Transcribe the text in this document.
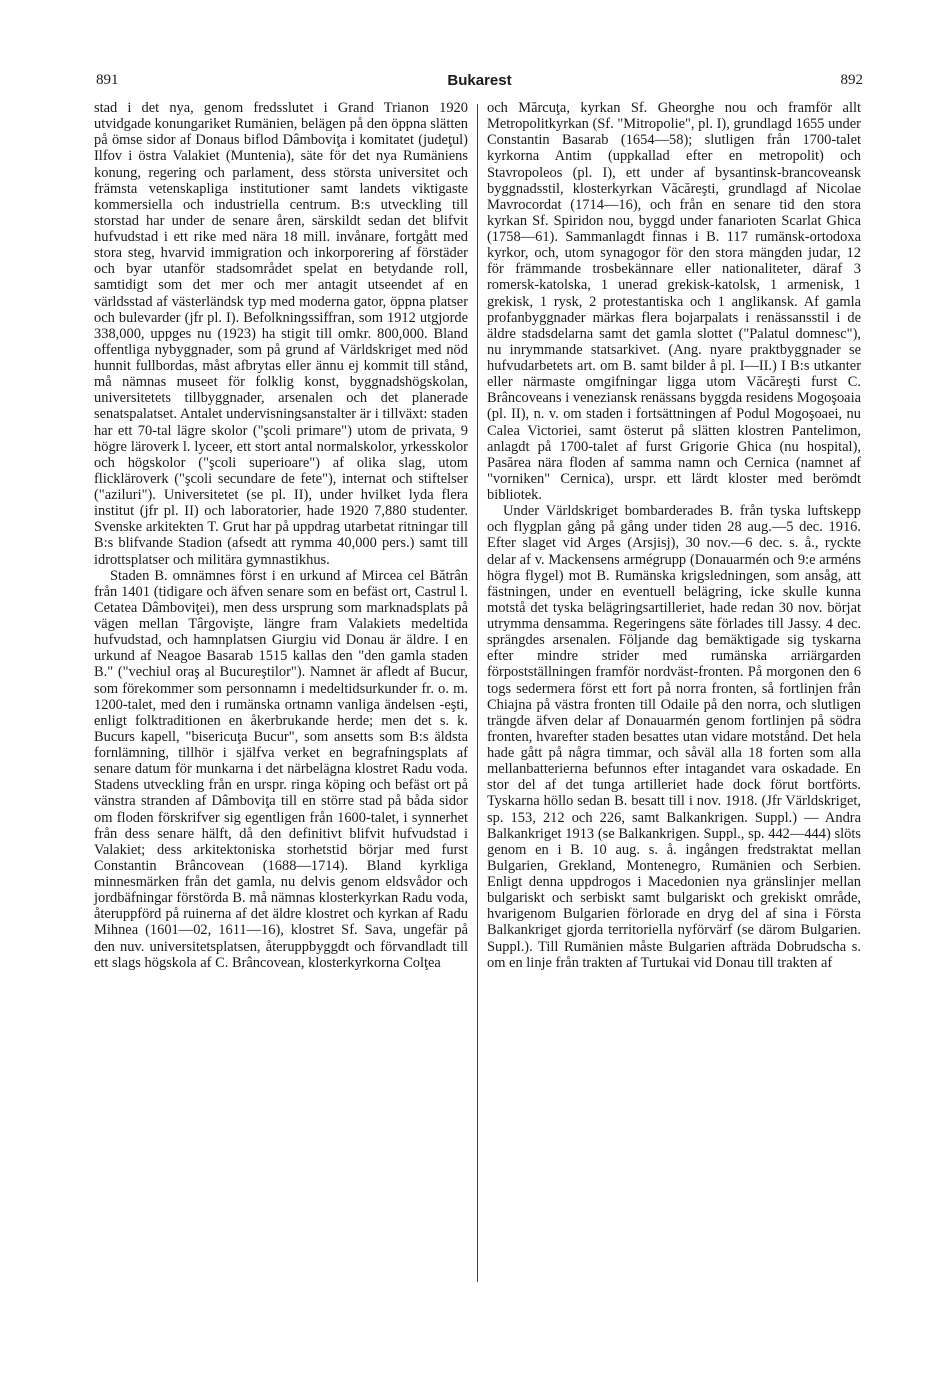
891	Bukarest	892

stad i det nya, genom fredsslutet i Grand Trianon 1920 utvidgade konungariket Rumänien, belägen på den öppna slätten på ömse sidor af Donaus biflod Dâmboviţa i komitatet (judeţul) Ilfov i östra Valakiet (Muntenia), säte för det nya Rumäniens konung, regering och parlament, dess största universitet och främsta vetenskapliga institutioner samt landets viktigaste kommersiella och industriella centrum. B:s utveckling till storstad har under de senare åren, särskildt sedan det blifvit hufvudstad i ett rike med nära 18 mill. invånare, fortgått med stora steg, hvarvid immigration och inkorporering af förstäder och byar utanför stadsområdet spelat en betydande roll, samtidigt som det mer och mer antagit utseendet af en världsstad af västerländsk typ med moderna gator, öppna platser och bulevarder (jfr pl. I). Befolkningssiffran, som 1912 utgjorde 338,000, uppges nu (1923) ha stigit till omkr. 800,000. Bland offentliga nybyggnader, som på grund af Världskriget med nöd hunnit fullbordas, måst afbrytas eller ännu ej kommit till stånd, må nämnas museet för folklig konst, byggnadshögskolan, universitetets tillbyggnader, arsenalen och det planerade senatspalatset. Antalet undervisningsanstalter är i tillväxt: staden har ett 70-tal lägre skolor ("şcoli primare") utom de privata, 9 högre läroverk l. lyceer, ett stort antal normalskolor, yrkesskolor och högskolor ("şcoli superioare") af olika slag, utom flickläroverk ("şcoli secundare de fete"), internat och stiftelser ("aziluri"). Universitetet (se pl. II), under hvilket lyda flera institut (jfr pl. II) och laboratorier, hade 1920 7,880 studenter. Svenske arkitekten T. Grut har på uppdrag utarbetat ritningar till B:s blifvande Stadion (afsedt att rymma 40,000 pers.) samt till idrottsplatser och militära gymnastikhus.

Staden B. omnämnes först i en urkund af Mircea cel Bătrân från 1401 (tidigare och äfven senare som en befäst ort, Castrul l. Cetatea Dâmboviţei), men dess ursprung som marknadsplats på vägen mellan Târgovişte, längre fram Valakiets medeltida hufvudstad, och hamnplatsen Giurgiu vid Donau är äldre. I en urkund af Neagoe Basarab 1515 kallas den "den gamla staden B." ("vechiul oraş al Bucureştilor"). Namnet är afledt af Bucur, som förekommer som personnamn i medeltidsurkunder fr. o. m. 1200-talet, med den i rumänska ortnamn vanliga ändelsen -eşti, enligt folktraditionen en åkerbrukande herde; men det s. k. Bucurs kapell, "bisericuţa Bucur", som ansetts som B:s äldsta fornlämning, tillhör i själfva verket en begrafningsplats af senare datum för munkarna i det närbelägna klostret Radu voda. Stadens utveckling från en urspr. ringa köping och befäst ort på vänstra stranden af Dâmboviţa till en större stad på båda sidor om floden förskrifver sig egentligen från 1600-talet, i synnerhet från dess senare hälft, då den definitivt blifvit hufvudstad i Valakiet; dess arkitektoniska storhetstid börjar med furst Constantin Brâncovean (1688—1714). Bland kyrkliga minnesmärken från det gamla, nu delvis genom eldsvådor och jordbäfningar förstörda B. må nämnas klosterkyrkan Radu voda, återuppförd på ruinerna af det äldre klostret och kyrkan af Radu Mihnea (1601—02, 1611—16), klostret Sf. Sava, ungefär på den nuv. universitetsplatsen, återuppbyggdt och förvandladt till ett slags högskola af C. Brâncovean, klosterkyrkorna Colţea

och Mărcuţa, kyrkan Sf. Gheorghe nou och framför allt Metropolitkyrkan (Sf. "Mitropolie", pl. I), grundlagd 1655 under Constantin Basarab (1654—58); slutligen från 1700-talet kyrkorna Antim (uppkallad efter en metropolit) och Stavropoleos (pl. I), ett under af bysantinsk-brancoveansk byggnadsstil, klosterkyrkan Văcăreşti, grundlagd af Nicolae Mavrocordat (1714—16), och från en senare tid den stora kyrkan Sf. Spiridon nou, byggd under fanarioten Scarlat Ghica (1758—61). Sammanlagdt finnas i B. 117 rumänsk-ortodoxa kyrkor, och, utom synagogor för den stora mängden judar, 12 för främmande trosbekännare eller nationaliteter, däraf 3 romersk-katolska, 1 unerad grekisk-katolsk, 1 armenisk, 1 grekisk, 1 rysk, 2 protestantiska och 1 anglikansk. Af gamla profanbyggnader märkas flera bojarpalats i renässansstil i de äldre stadsdelarna samt det gamla slottet ("Palatul domnesc"), nu inrymmande statsarkivet. (Ang. nyare praktbyggnader se hufvudarbetets art. om B. samt bilder å pl. I—II.) I B:s utkanter eller närmaste omgifningar ligga utom Văcăreşti furst C. Brâncoveans i veneziansk renässans byggda residens Mogoşoaia (pl. II), n. v. om staden i fortsättningen af Podul Mogoşoaei, nu Calea Victoriei, samt österut på slätten klostren Pantelimon, anlagdt på 1700-talet af furst Grigorie Ghica (nu hospital), Pasărea nära floden af samma namn och Cernica (namnet af "vorniken" Cernica), urspr. ett lärdt kloster med berömdt bibliotek.

Under Världskriget bombarderades B. från tyska luftskepp och flygplan gång på gång under tiden 28 aug.—5 dec. 1916. Efter slaget vid Arges (Arsjisj), 30 nov.—6 dec. s. å., ryckte delar af v. Mackensens armégrupp (Donauarmén och 9:e arméns högra flygel) mot B. Rumänska krigsledningen, som ansåg, att fästningen, under en eventuell belägring, icke skulle kunna motstå det tyska belägringsartilleriet, hade redan 30 nov. börjat utrymma densamma. Regeringens säte förlades till Jassy. 4 dec. sprängdes arsenalen. Följande dag bemäktigade sig tyskarna efter mindre strider med rumänska arriärgarden förpostställningen framför nordväst-fronten. På morgonen den 6 togs sedermera först ett fort på norra fronten, så fortlinjen från Chiajna på västra fronten till Odaile på den norra, och slutligen trängde äfven delar af Donauarmén genom fortlinjen på södra fronten, hvarefter staden besattes utan vidare motstånd. Det hela hade gått på några timmar, och såväl alla 18 forten som alla mellanbatterierna befunnos efter intagandet vara oskadade. En stor del af det tunga artilleriet hade dock förut bortförts. Tyskarna höllo sedan B. besatt till i nov. 1918. (Jfr Världskriget, sp. 153, 212 och 226, samt Balkankrigen. Suppl.) — Andra Balkankriget 1913 (se Balkankrigen. Suppl., sp. 442—444) slöts genom en i B. 10 aug. s. å. ingången fredstraktat mellan Bulgarien, Grekland, Montenegro, Rumänien och Serbien. Enligt denna uppdrogos i Macedonien nya gränslinjer mellan bulgariskt och serbiskt samt bulgariskt och grekiskt område, hvarigenom Bulgarien förlorade en dryg del af sina i Första Balkankriget gjorda territoriella nyförvärf (se därom Bulgarien. Suppl.). Till Rumänien måste Bulgarien afträda Dobrudscha s. om en linje från trakten af Turtukai vid Donau till trakten af
